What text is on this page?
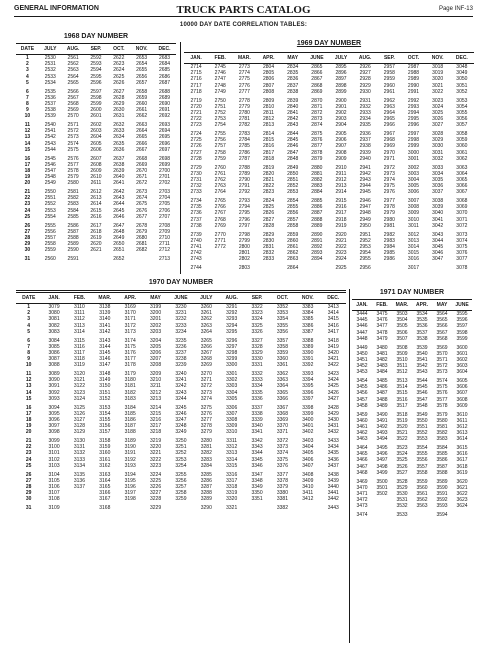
GENERAL INFORMATION	TRUCK PARTS CATALOG	Page INF-13
10000 DAY DATE CORRELATION TABLES:
1968 DAY NUMBER
DATE	JULY	AUG.	SEP.	OCT.	NOV.	DEC.
1	2530	2561	2592	2622	2653	2683
2	2531	2562	2593	2623	2654	2684
3	2532	2563	2594	2624	2655	2685
4	2533	2564	2595	2625	2656	2686
5	2534	2565	2596	2626	2657	2687

6	2535	2566	2597	2627	2658	2688
7	2536	2567	2598	2628	2659	2689
8	2537	2568	2599	2629	2660	2690
9	2538	2569	2600	2630	2661	2691
10	2539	2570	2601	2631	2662	2692

11	2540	2571	2602	2632	2663	2693
12	2541	2572	2603	2633	2664	2694
13	2542	2573	2604	2634	2665	2695
14	2543	2574	2605	2635	2666	2696
15	2544	2575	2606	2636	2667	2697

16	2545	2576	2607	2637	2668	2698
17	2546	2577	2608	2638	2669	2699
18	2547	2578	2609	2639	2670	2700
19	2548	2579	2610	2640	2671	2701
20	2549	2580	2611	2641	2672	2702

21	2550	2581	2612	2642	2673	2703
22	2551	2582	2613	2643	2674	2704
23	2552	2583	2614	2644	2675	2705
24	2553	2584	2615	2645	2676	2706
25	2554	2585	2616	2646	2677	2707

26	2555	2586	2617	2647	2678	2708
27	2556	2587	2618	2648	2679	2709
28	2557	2588	2619	2649	2680	2710
29	2558	2589	2620	2650	2681	2711
30	2559	2590	2621	2651	2682	2712

31	2560	2591		2652		2713
1969 DAY NUMBER
JAN.	FEB.	MAR.	APR.	MAY	JUNE	JULY	AUG.	SEP.	OCT.	NOV.	DEC.
2714	2745	2773	2804	2834	2865	2895	2926	2957	2987	3018	3048
2715	2746	2774	2805	2835	2866	2896	2927	2958	2988	3019	3049
2716	2747	2775	2806	2836	2867	2897	2928	2959	2989	3020	3050
2717	2748	2776	2807	2837	2868	2898	2929	2960	2990	3021	3051
2718	2749	2777	2808	2838	2869	2899	2930	2961	2991	3022	3052

2719	2750	2778	2809	2839	2870	2900	2931	2962	2992	3023	3053
2720	2751	2779	2810	2840	2871	2901	2932	2963	2993	3024	3054
2721	2752	2780	2811	2841	2872	2902	2933	2964	2994	3025	3055
2722	2753	2781	2812	2842	2873	2903	2934	2965	2995	3026	3056
2723	2754	2782	2813	2843	2874	2904	2935	2966	2996	3027	3057

2724	2755	2783	2814	2844	2875	2905	2936	2967	2997	3028	3058
2725	2756	2784	2815	2845	2876	2906	2937	2968	2998	3029	3059
2726	2757	2785	2816	2846	2877	2907	2938	2969	2999	3030	3060
2727	2758	2786	2817	2847	2878	2908	2939	2970	3000	3031	3061
2728	2759	2787	2818	2848	2879	2909	2940	2971	3001	3032	3062

2729	2760	2788	2819	2849	2880	2910	2941	2972	3002	3033	3063
2730	2761	2789	2820	2850	2881	2911	2942	2973	3003	3034	3064
2731	2762	2790	2821	2851	2882	2912	2943	2974	3004	3035	3065
2732	2763	2791	2822	2852	2883	2913	2944	2975	3005	3036	3066
2733	2764	2792	2823	2853	2884	2914	2945	2976	3006	3037	3067

2734	2765	2793	2824	2854	2885	2915	2946	2977	3007	3038	3068
2735	2766	2794	2825	2855	2886	2916	2947	2978	3008	3039	3069
2736	2767	2795	2826	2856	2887	2917	2948	2979	3009	3040	3070
2737	2768	2796	2827	2857	2888	2918	2949	2980	3010	3041	3071
2738	2769	2797	2828	2858	2889	2919	2950	2981	3011	3042	3072

2739	2770	2798	2829	2859	2890	2920	2951	2982	3012	3043	3073
2740	2771	2799	2830	2860	2891	2921	2952	2983	3013	3044	3074
2741	2772	2800	2831	2861	2892	2922	2953	2984	3014	3045	3075
2742		2801	2832	2862	2893	2923	2954	2985	3015	3046	3076
2743		2802	2833	2863	2894	2924	2955	2986	3016	3047	3077

2744		2803		2864		2925	2956		3017		3078
1970 DAY NUMBER
DATE	JAN.	FEB.	MAR.	APR.	MAY	JUNE	JULY	AUG.	SEP.	OCT.	NOV.	DEC.
1	3079	3110	3138	3169	3199	3230	3260	3291	3322	3352	3383	3413
2	3080	3111	3139	3170	3200	3231	3261	3292	3323	3353	3384	3414
3	3081	3112	3140	3171	3201	3232	3262	3293	3324	3354	3385	3415
4	3082	3113	3141	3172	3202	3233	3263	3294	3325	3355	3386	3416
5	3083	3114	3142	3173	3203	3234	3264	3295	3326	3356	3387	3417

6	3084	3115	3143	3174	3204	3235	3265	3296	3327	3357	3388	3418
7	3085	3116	3144	3175	3205	3236	3266	3297	3328	3358	3389	3419
8	3086	3117	3145	3176	3206	3237	3267	3298	3329	3359	3390	3420
9	3087	3118	3146	3177	3207	3238	3268	3299	3330	3360	3391	3421
10	3088	3119	3147	3178	3208	3239	3269	3300	3331	3361	3392	3422

11	3089	3120	3148	3179	3209	3240	3270	3301	3332	3362	3393	3423
12	3090	3121	3149	3180	3210	3241	3271	3302	3333	3363	3394	3424
13	3091	3122	3150	3181	3211	3242	3272	3303	3334	3364	3395	3425
14	3092	3123	3151	3182	3212	3243	3273	3304	3335	3365	3396	3426
15	3093	3124	3152	3183	3213	3244	3274	3305	3336	3366	3397	3427

16	3094	3125	3153	3184	3214	3245	3275	3306	3337	3367	3398	3428
17	3095	3126	3154	3185	3215	3246	3276	3307	3338	3368	3399	3429
18	3096	3127	3155	3186	3216	3247	3277	3308	3339	3369	3400	3430
19	3097	3128	3156	3187	3217	3248	3278	3309	3340	3370	3401	3431
20	3098	3129	3157	3188	3218	3249	3279	3310	3341	3371	3402	3432

21	3099	3130	3158	3189	3219	3250	3280	3311	3342	3372	3403	3433
22	3100	3131	3159	3190	3220	3251	3281	3312	3343	3373	3404	3434
23	3101	3132	3160	3191	3221	3252	3282	3313	3344	3374	3405	3435
24	3102	3133	3161	3192	3222	3253	3283	3314	3345	3375	3406	3436
25	3103	3134	3162	3193	3223	3254	3284	3315	3346	3376	3407	3437

26	3104	3135	3163	3194	3224	3255	3285	3316	3347	3377	3408	3438
27	3105	3136	3164	3195	3225	3256	3286	3317	3348	3378	3409	3439
28	3106	3137	3165	3196	3226	3257	3287	3318	3349	3379	3410	3440
29	3107		3166	3197	3227	3258	3288	3319	3350	3380	3411	3441
30	3108		3167	3198	3228	3259	3289	3320	3351	3381	3412	3442

31	3109		3168		3229		3290	3321		3382		3443
1971 DAY NUMBER
JAN.	FEB.	MAR.	APR.	MAY	JUNE
3444	3475	3503	3534	3564	3595
3445	3476	3504	3535	3565	3596
3446	3477	3505	3536	3566	3597
3447	3478	3506	3537	3567	3598
3448	3479	3507	3538	3568	3599

3449	3480	3508	3539	3569	3600
3450	3481	3509	3540	3570	3601
3451	3482	3510	3541	3571	3602
3452	3483	3511	3542	3572	3603
3453	3484	3512	3543	3573	3604

3454	3485	3513	3544	3574	3605
3455	3486	3514	3545	3575	3606
3456	3487	3515	3546	3576	3607
3457	3488	3516	3547	3577	3608
3458	3489	3517	3548	3578	3609

3459	3490	3518	3549	3579	3610
3460	3491	3519	3550	3580	3611
3461	3492	3520	3551	3581	3612
3462	3493	3521	3552	3582	3613
3463	3494	3522	3553	3583	3614

3464	3495	3523	3554	3584	3615
3465	3496	3524	3555	3585	3616
3466	3497	3525	3556	3586	3617
3467	3498	3526	3557	3587	3618
3468	3499	3527	3558	3588	3619

3469	3500	3528	3559	3589	3620
3470	3501	3529	3560	3590	3621
3471	3502	3530	3561	3591	3622
3472		3531	3562	3592	3623
3473		3532	3563	3593	3624

3474		3533		3594	
